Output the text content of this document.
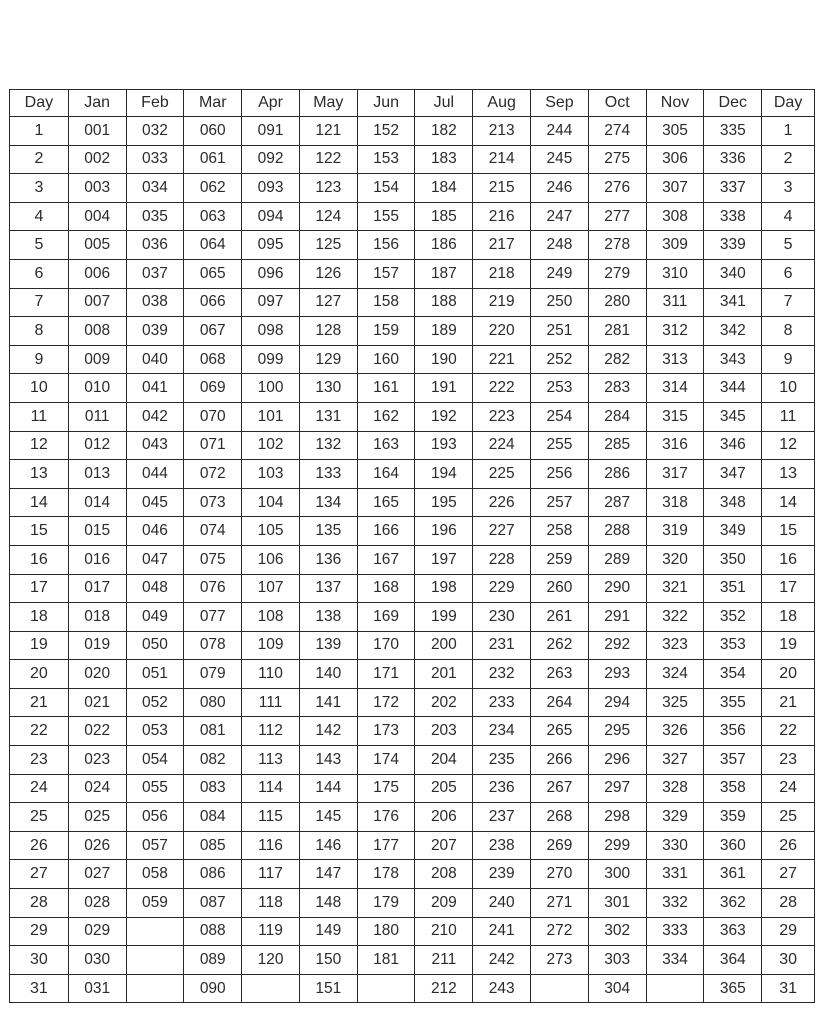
Day	Jan	Feb	Mar	Apr	May	Jun	Jul	Aug	Sep	Oct	Nov	Dec	Day
1	001	032	060	091	121	152	182	213	244	274	305	335	1
2	002	033	061	092	122	153	183	214	245	275	306	336	2
3	003	034	062	093	123	154	184	215	246	276	307	337	3
4	004	035	063	094	124	155	185	216	247	277	308	338	4
5	005	036	064	095	125	156	186	217	248	278	309	339	5
6	006	037	065	096	126	157	187	218	249	279	310	340	6
7	007	038	066	097	127	158	188	219	250	280	311	341	7
8	008	039	067	098	128	159	189	220	251	281	312	342	8
9	009	040	068	099	129	160	190	221	252	282	313	343	9
10	010	041	069	100	130	161	191	222	253	283	314	344	10
11	011	042	070	101	131	162	192	223	254	284	315	345	11
12	012	043	071	102	132	163	193	224	255	285	316	346	12
13	013	044	072	103	133	164	194	225	256	286	317	347	13
14	014	045	073	104	134	165	195	226	257	287	318	348	14
15	015	046	074	105	135	166	196	227	258	288	319	349	15
16	016	047	075	106	136	167	197	228	259	289	320	350	16
17	017	048	076	107	137	168	198	229	260	290	321	351	17
18	018	049	077	108	138	169	199	230	261	291	322	352	18
19	019	050	078	109	139	170	200	231	262	292	323	353	19
20	020	051	079	110	140	171	201	232	263	293	324	354	20
21	021	052	080	111	141	172	202	233	264	294	325	355	21
22	022	053	081	112	142	173	203	234	265	295	326	356	22
23	023	054	082	113	143	174	204	235	266	296	327	357	23
24	024	055	083	114	144	175	205	236	267	297	328	358	24
25	025	056	084	115	145	176	206	237	268	298	329	359	25
26	026	057	085	116	146	177	207	238	269	299	330	360	26
27	027	058	086	117	147	178	208	239	270	300	331	361	27
28	028	059	087	118	148	179	209	240	271	301	332	362	28
29	029		088	119	149	180	210	241	272	302	333	363	29
30	030		089	120	150	181	211	242	273	303	334	364	30
31	031		090		151		212	243		304		365	31
